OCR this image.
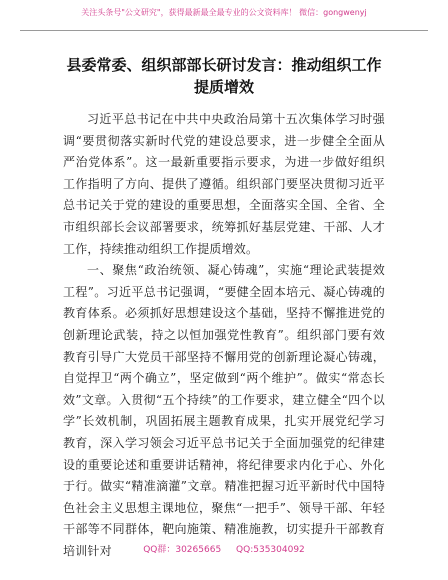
关注头条号"公文研究"，获得最新最全最专业的公文资料库！ 微信：gongwenyj
县委常委、组织部部长研讨发言：推动组织工作提质增效

习近平总书记在中共中央政治局第十五次集体学习时强调“要贯彻落实新时代党的建设总要求，进一步健全全面从严治党体系”。这一最新重要指示要求，为进一步做好组织工作指明了方向、提供了遵循。组织部门要坚决贯彻习近平总书记关于党的建设的重要思想，全面落实全国、全省、全市组织部长会议部署要求，统筹抓好基层党建、干部、人才工作，持续推动组织工作提质增效。

一、聚焦“政治统领、凝心铸魂”，实施“理论武装提效工程”。习近平总书记强调，“要健全固本培元、凝心铸魂的教育体系。必须抓好思想建设这个基础，坚持不懈推进党的创新理论武装，持之以恒加强党性教育”。组织部门要有效教育引导广大党员干部坚持不懈用党的创新理论凝心铸魂，自觉捍卫“两个确立”，坚定做到“两个维护”。做实“常态长效”文章。入贯彻“五个持续”的工作要求，建立健全“四个以学”长效机制，巩固拓展主题教育成果，扎实开展党纪学习教育，深入学习领会习近平总书记关于全面加强党的纪律建设的重要论述和重要讲话精神，将纪律要求内化于心、外化于行。做实“精准滴灌”文章。精准把握习近平新时代中国特色社会主义思想主课地位，聚焦“一把手”、领导干部、年轻干部等不同群体，靶向施策、精准施教，切实提升干部教育培训针对	QQ群：30265665 QQ:535304092
